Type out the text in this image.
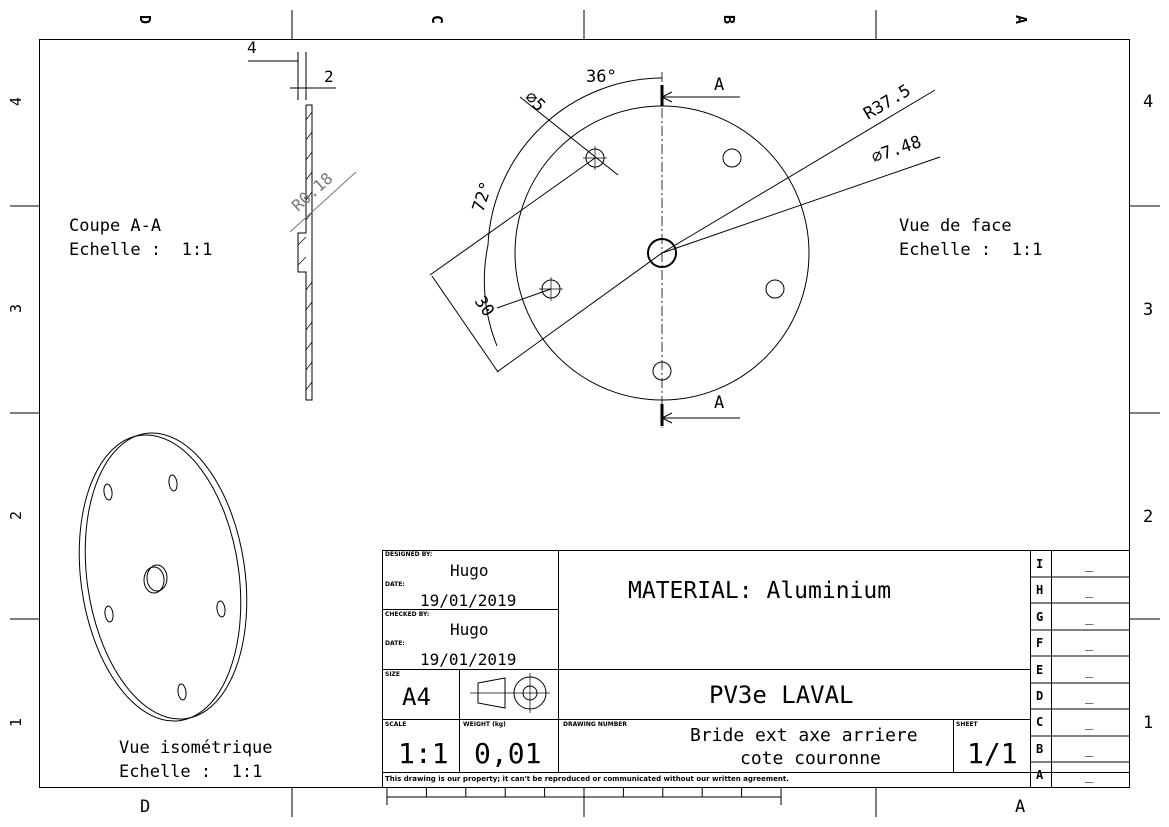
4
2
R0.18
36°
⌀5
72°
R37.5
⌀7.48
30
A
A
D	C	B	A
D	A
4
3
2
1
4
3
2
1
Coupe A-A
Echelle : 1:1
Vue de face
Echelle : 1:1
Vue isométrique
Echelle : 1:1
DESIGNED BY:
Hugo
DATE:
19/01/2019
CHECKED BY:
Hugo
DATE:
19/01/2019
MATERIAL: Aluminium
SIZE
A4	PV3e LAVAL
SCALE
1:1
WEIGHT (kg)
0,01
DRAWING NUMBER
Bride ext axe arriere
cote couronne
SHEET
1/1
This drawing is our property; it can't be reproduced or communicated without our written agreement.
I	_
H	_
G	_
F	_
E	_
D	_
C	_
B	_
A	_
